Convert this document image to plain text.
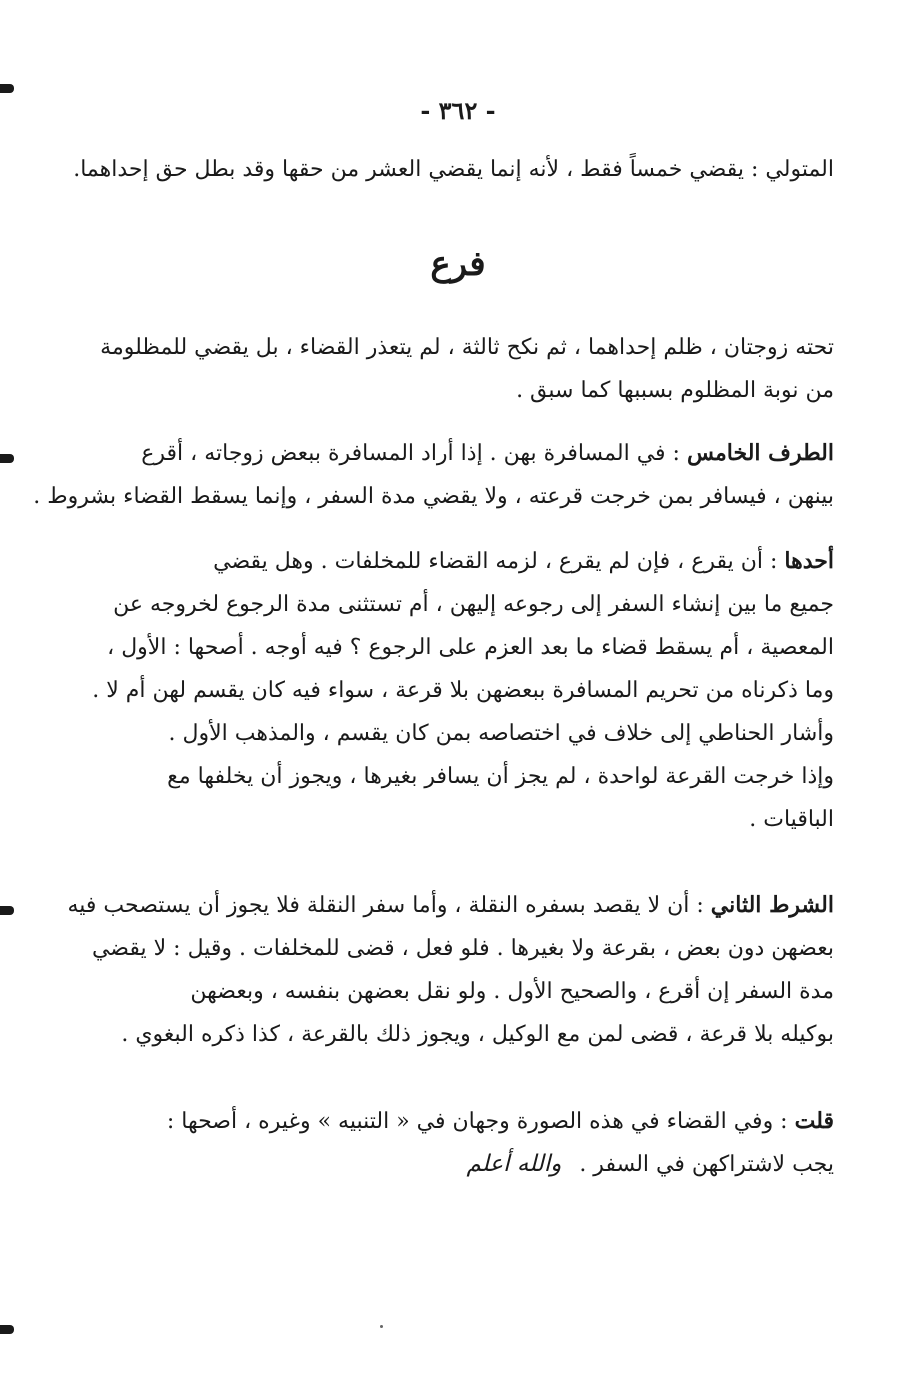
- ٣٦٢ -
المتولي : يقضي خمساً فقط ، لأنه إنما يقضي العشر من حقها وقد بطل حق إحداهما.
فرع
تحته زوجتان ، ظلم إحداهما ، ثم نكح ثالثة ، لم يتعذر القضاء ، بل يقضي للمظلومة
من نوبة المظلوم بسببها كما سبق .
الطرف الخامس : في المسافرة بهن . إذا أراد المسافرة ببعض زوجاته ، أقرع
بينهن ، فيسافر بمن خرجت قرعته ، ولا يقضي مدة السفر ، وإنما يسقط القضاء بشروط .
أحدها : أن يقرع ، فإن لم يقرع ، لزمه القضاء للمخلفات . وهل يقضي
جميع ما بين إنشاء السفر إلى رجوعه إليهن ، أم تستثنى مدة الرجوع لخروجه عن
المعصية ، أم يسقط قضاء ما بعد العزم على الرجوع ؟ فيه أوجه . أصحها : الأول ،
وما ذكرناه من تحريم المسافرة ببعضهن بلا قرعة ، سواء فيه كان يقسم لهن أم لا .
وأشار الحناطي إلى خلاف في اختصاصه بمن كان يقسم ، والمذهب الأول .
وإذا خرجت القرعة لواحدة ، لم يجز أن يسافر بغيرها ، ويجوز أن يخلفها مع
الباقيات .
الشرط الثاني : أن لا يقصد بسفره النقلة ، وأما سفر النقلة فلا يجوز أن يستصحب فيه
بعضهن دون بعض ، بقرعة ولا بغيرها . فلو فعل ، قضى للمخلفات . وقيل : لا يقضي
مدة السفر إن أقرع ، والصحيح الأول . ولو نقل بعضهن بنفسه ، وبعضهن
بوكيله بلا قرعة ، قضى لمن مع الوكيل ، ويجوز ذلك بالقرعة ، كذا ذكره البغوي .
قلت : وفي القضاء في هذه الصورة وجهان في « التنبيه » وغيره ، أصحها :
يجب لاشتراكهن في السفر .والله أعلم
